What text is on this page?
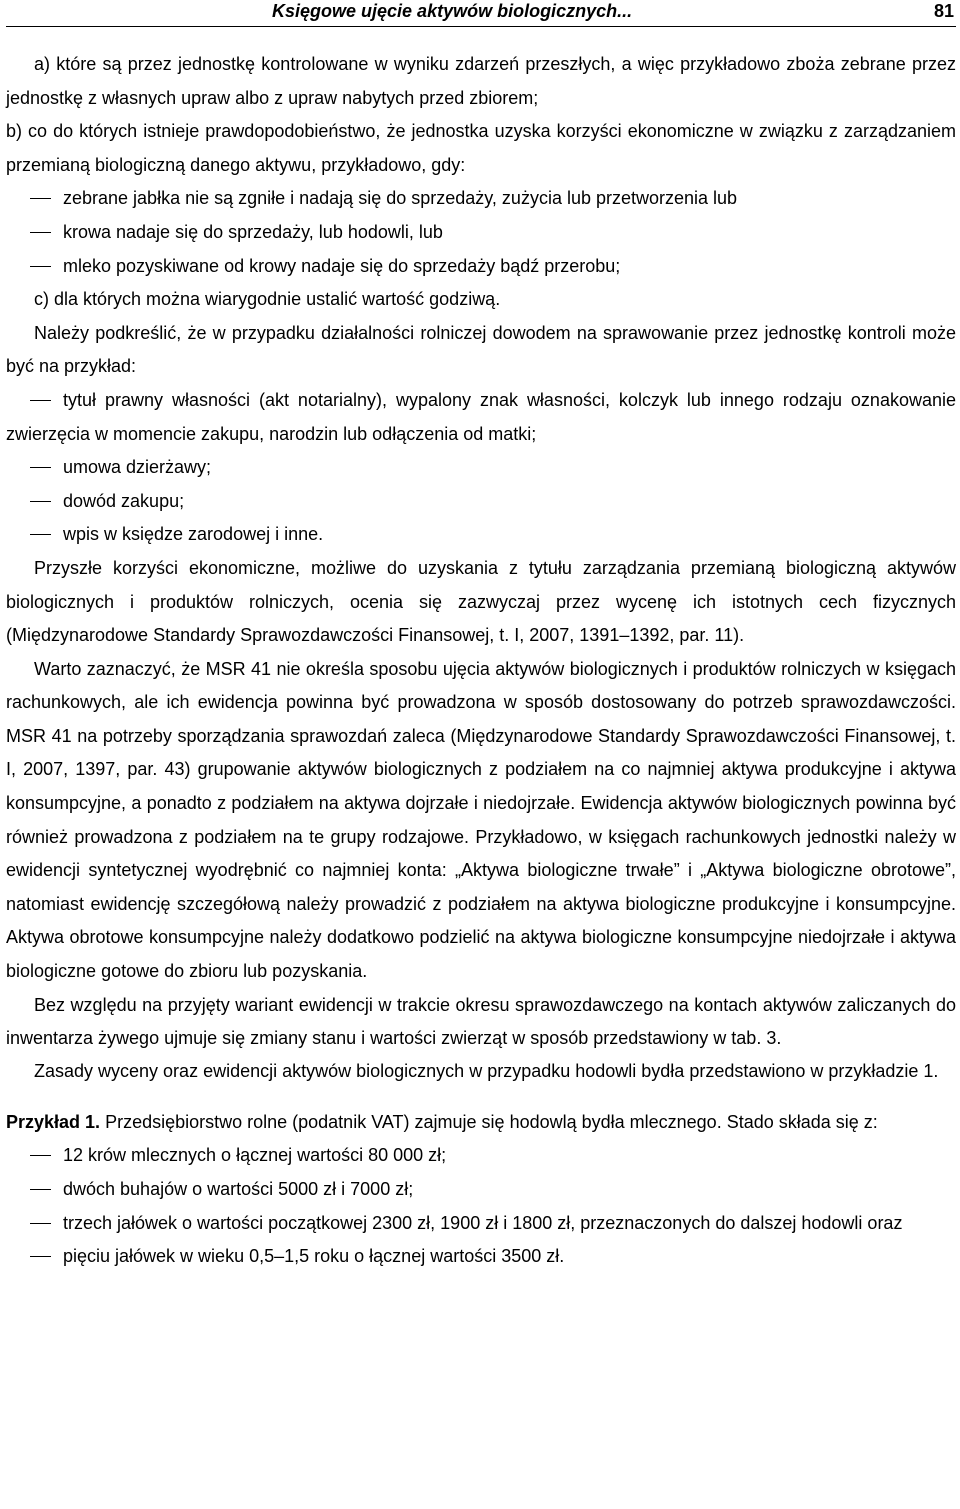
Księgowe ujęcie aktywów biologicznych...	81

a) które są przez jednostkę kontrolowane w wyniku zdarzeń przeszłych, a więc przykładowo zboża zebrane przez jednostkę z własnych upraw albo z upraw nabytych przed zbiorem;

b) co do których istnieje prawdopodobieństwo, że jednostka uzyska korzyści ekonomiczne w związku z zarządzaniem przemianą biologiczną danego aktywu, przykładowo, gdy:

zebrane jabłka nie są zgniłe i nadają się do sprzedaży, zużycia lub przetworzenia lub

krowa nadaje się do sprzedaży, lub hodowli, lub

mleko pozyskiwane od krowy nadaje się do sprzedaży bądź przerobu;

c) dla których można wiarygodnie ustalić wartość godziwą.

Należy podkreślić, że w przypadku działalności rolniczej dowodem na sprawowanie przez jednostkę kontroli może być na przykład:

tytuł prawny własności (akt notarialny), wypalony znak własności, kolczyk lub innego rodzaju oznakowanie zwierzęcia w momencie zakupu, narodzin lub odłączenia od matki;

umowa dzierżawy;

dowód zakupu;

wpis w księdze zarodowej i inne.

Przyszłe korzyści ekonomiczne, możliwe do uzyskania z tytułu zarządzania przemianą biologiczną aktywów biologicznych i produktów rolniczych, ocenia się zazwyczaj przez wycenę ich istotnych cech fizycznych (Międzynarodowe Standardy Sprawozdawczości Finansowej, t. I, 2007, 1391–1392, par. 11).

Warto zaznaczyć, że MSR 41 nie określa sposobu ujęcia aktywów biologicznych i produktów rolniczych w księgach rachunkowych, ale ich ewidencja powinna być prowadzona w sposób dostosowany do potrzeb sprawozdawczości. MSR 41 na potrzeby sporządzania sprawozdań zaleca (Międzynarodowe Standardy Sprawozdawczości Finansowej, t. I, 2007, 1397, par. 43) grupowanie aktywów biologicznych z podziałem na co najmniej aktywa produkcyjne i aktywa konsumpcyjne, a ponadto z podziałem na aktywa dojrzałe i niedojrzałe. Ewidencja aktywów biologicznych powinna być również prowadzona z podziałem na te grupy rodzajowe. Przykładowo, w księgach rachunkowych jednostki należy w ewidencji syntetycznej wyodrębnić co najmniej konta: „Aktywa biologiczne trwałe” i „Aktywa biologiczne obrotowe”, natomiast ewidencję szczegółową należy prowadzić z podziałem na aktywa biologiczne produkcyjne i konsumpcyjne. Aktywa obrotowe konsumpcyjne należy dodatkowo podzielić na aktywa biologiczne konsumpcyjne niedojrzałe i aktywa biologiczne gotowe do zbioru lub pozyskania.

Bez względu na przyjęty wariant ewidencji w trakcie okresu sprawozdawczego na kontach aktywów zaliczanych do inwentarza żywego ujmuje się zmiany stanu i wartości zwierząt w sposób przedstawiony w tab. 3.

Zasady wyceny oraz ewidencji aktywów biologicznych w przypadku hodowli bydła przedstawiono w przykładzie 1.

Przykład 1. Przedsiębiorstwo rolne (podatnik VAT) zajmuje się hodowlą bydła mlecznego. Stado składa się z:

12 krów mlecznych o łącznej wartości 80 000 zł;

dwóch buhajów o wartości 5000 zł i 7000 zł;

trzech jałówek o wartości początkowej 2300 zł, 1900 zł i 1800 zł, przeznaczonych do dalszej hodowli oraz

pięciu jałówek w wieku 0,5–1,5 roku o łącznej wartości 3500 zł.
